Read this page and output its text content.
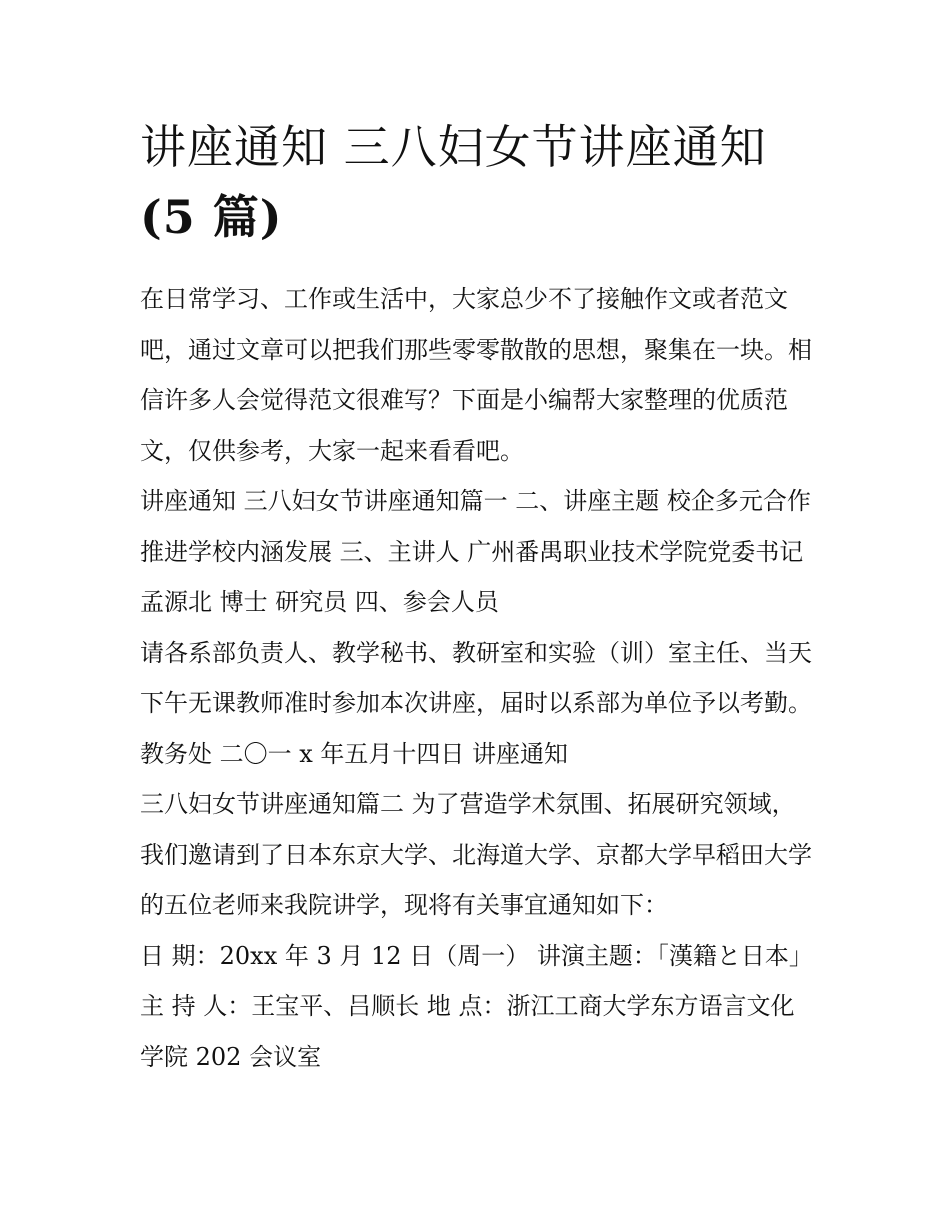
讲座通知 三八妇女节讲座通知
(5 篇)

在日常学习、工作或生活中，大家总少不了接触作文或者范文吧，通过文章可以把我们那些零零散散的思想，聚集在一块。相信许多人会觉得范文很难写？下面是小编帮大家整理的优质范文，仅供参考，大家一起来看看吧。

讲座通知 三八妇女节讲座通知篇一 二、讲座主题 校企多元合作 推进学校内涵发展 三、主讲人 广州番禺职业技术学院党委书记 孟源北 博士 研究员 四、参会人员

请各系部负责人、教学秘书、教研室和实验（训）室主任、当天下午无课教师准时参加本次讲座，届时以系部为单位予以考勤。 教务处 二〇一 x 年五月十四日 讲座通知

三八妇女节讲座通知篇二 为了营造学术氛围、拓展研究领域，我们邀请到了日本东京大学、北海道大学、京都大学早稻田大学的五位老师来我院讲学，现将有关事宜通知如下：

日 期：20xx 年 3 月 12 日（周一） 讲演主题：「漢籍と日本」 主 持 人：王宝平、吕顺长 地 点：浙江工商大学东方语言文化学院 202 会议室
